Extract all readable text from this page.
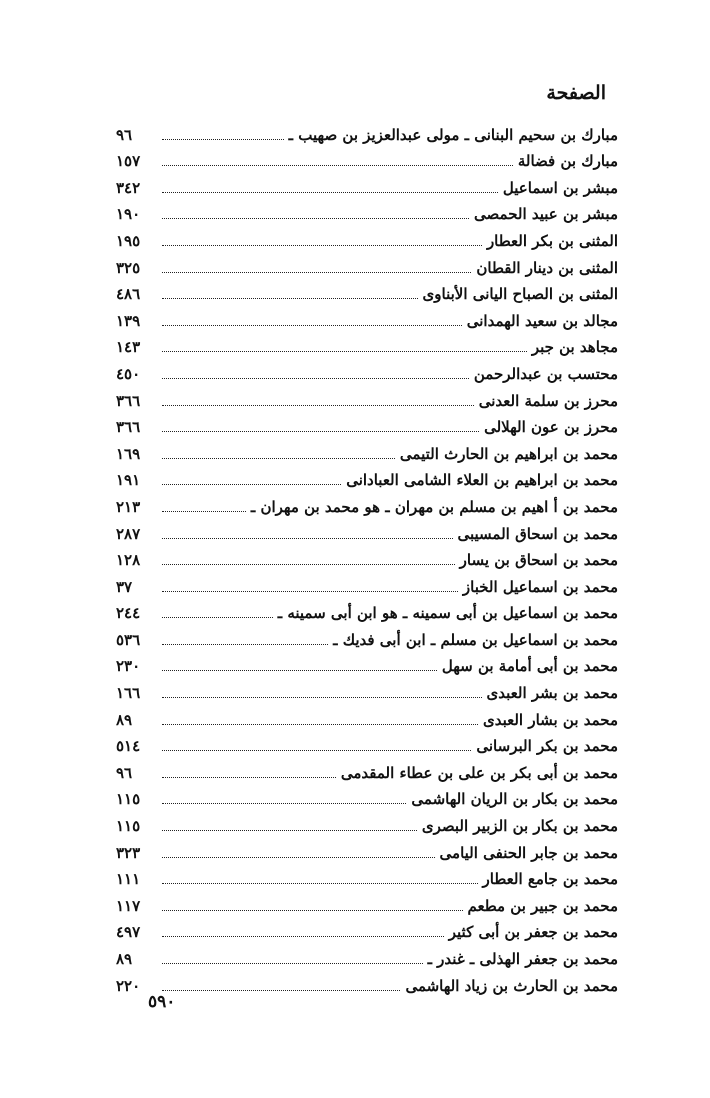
الصفحة
مبارك بن سحيم البنانى ـ مولى عبدالعزيز بن صهيب ـ
٩٦
مبارك بن فضالة
١٥٧
مبشر بن اسماعيل
٣٤٢
مبشر بن عبيد الحمصى
١٩٠
المثنى بن بكر العطار
١٩٥
المثنى بن دينار القطان
٣٢٥
المثنى بن الصباح اليانى الأبناوى
٤٨٦
مجالد بن سعيد الهمدانى
١٣٩
مجاهد بن جبر
١٤٣
محتسب بن عبدالرحمن
٤٥٠
محرز بن سلمة العدنى
٣٦٦
محرز بن عون الهلالى
٣٦٦
محمد بن ابراهيم بن الحارث التيمى
١٦٩
محمد بن ابراهيم بن العلاء الشامى العبادانى
١٩١
محمد بن أ اهيم بن مسلم بن مهران ـ هو محمد بن مهران ـ
٢١٣
محمد بن اسحاق المسيبى
٢٨٧
محمد بن اسحاق بن يسار
١٢٨
محمد بن اسماعيل الخباز
٣٧
محمد بن اسماعيل بن أبى سمينه ـ هو ابن أبى سمينه ـ
٢٤٤
محمد بن اسماعيل بن مسلم ـ ابن أبى فديك ـ
٥٣٦
محمد بن أبى أمامة بن سهل
٢٣٠
محمد بن بشر العبدى
١٦٦
محمد بن بشار العبدى
٨٩
محمد بن بكر البرسانى
٥١٤
محمد بن أبى بكر بن على بن عطاء المقدمى
٩٦
محمد بن بكار بن الريان الهاشمى
١١٥
محمد بن بكار بن الزبير البصرى
١١٥
محمد بن جابر الحنفى اليامى
٣٢٣
محمد بن جامع العطار
١١١
محمد بن جبير بن مطعم
١١٧
محمد بن جعفر بن أبى كثير
٤٩٧
محمد بن جعفر الهذلى ـ غندر ـ
٨٩
محمد بن الحارث بن زياد الهاشمى
٢٢٠
٥٩٠
